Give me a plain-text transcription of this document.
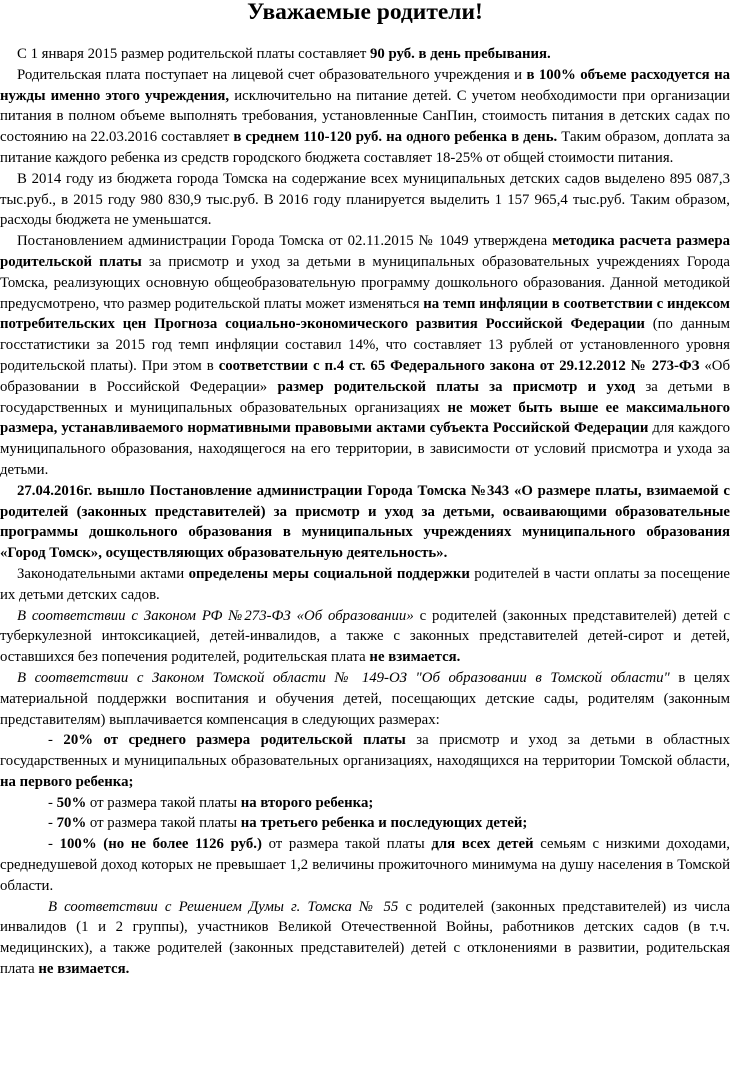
Уважаемые родители!

С 1 января 2015 размер родительской платы составляет 90 руб. в день пребывания.

Родительская плата поступает на лицевой счет образовательного учреждения и в 100% объеме расходуется на нужды именно этого учреждения, исключительно на питание детей. С учетом необходимости при организации питания в полном объеме выполнять требования, установленные СанПин, стоимость питания в детских садах по состоянию на 22.03.2016 составляет в среднем 110-120 руб. на одного ребенка в день. Таким образом, доплата за питание каждого ребенка из средств городского бюджета составляет 18-25% от общей стоимости питания.

В 2014 году из бюджета города Томска на содержание всех муниципальных детских садов выделено 895 087,3 тыс.руб., в 2015 году 980 830,9 тыс.руб. В 2016 году планируется выделить 1 157 965,4 тыс.руб. Таким образом, расходы бюджета не уменьшатся.

Постановлением администрации Города Томска от 02.11.2015 № 1049 утверждена методика расчета размера родительской платы за присмотр и уход за детьми в муниципальных образовательных учреждениях Города Томска, реализующих основную общеобразовательную программу дошкольного образования. Данной методикой предусмотрено, что размер родительской платы может изменяться на темп инфляции в соответствии с индексом потребительских цен Прогноза социально-экономического развития Российской Федерации (по данным госстатистики за 2015 год темп инфляции составил 14%, что составляет 13 рублей от установленного уровня родительской платы). При этом в соответствии с п.4 ст. 65 Федерального закона от 29.12.2012 № 273-ФЗ «Об образовании в Российской Федерации» размер родительской платы за присмотр и уход за детьми в государственных и муниципальных образовательных организациях не может быть выше ее максимального размера, устанавливаемого нормативными правовыми актами субъекта Российской Федерации для каждого муниципального образования, находящегося на его территории, в зависимости от условий присмотра и ухода за детьми.

27.04.2016г. вышло Постановление администрации Города Томска №343 «О размере платы, взимаемой с родителей (законных представителей) за присмотр и уход за детьми, осваивающими образовательные программы дошкольного образования в муниципальных учреждениях муниципального образования «Город Томск», осуществляющих образовательную деятельность».

Законодательными актами определены меры социальной поддержки родителей в части оплаты за посещение их детьми детских садов.

В соответствии с Законом РФ №273-ФЗ «Об образовании» с родителей (законных представителей) детей с туберкулезной интоксикацией, детей-инвалидов, а также с законных представителей детей-сирот и детей, оставшихся без попечения родителей, родительская плата не взимается.

В соответствии с Законом Томской области № 149-ОЗ "Об образовании в Томской области" в целях материальной поддержки воспитания и обучения детей, посещающих детские сады, родителям (законным представителям) выплачивается компенсация в следующих размерах:

- 20% от среднего размера родительской платы за присмотр и уход за детьми в областных государственных и муниципальных образовательных организациях, находящихся на территории Томской области, на первого ребенка;

- 50% от размера такой платы на второго ребенка;

- 70% от размера такой платы на третьего ребенка и последующих детей;

- 100% (но не более 1126 руб.) от размера такой платы для всех детей семьям с низкими доходами, среднедушевой доход которых не превышает 1,2 величины прожиточного минимума на душу населения в Томской области.

В соответствии с Решением Думы г. Томска № 55 с родителей (законных представителей) из числа инвалидов (1 и 2 группы), участников Великой Отечественной Войны, работников детских садов (в т.ч. медицинских), а также родителей (законных представителей) детей с отклонениями в развитии, родительская плата не взимается.
